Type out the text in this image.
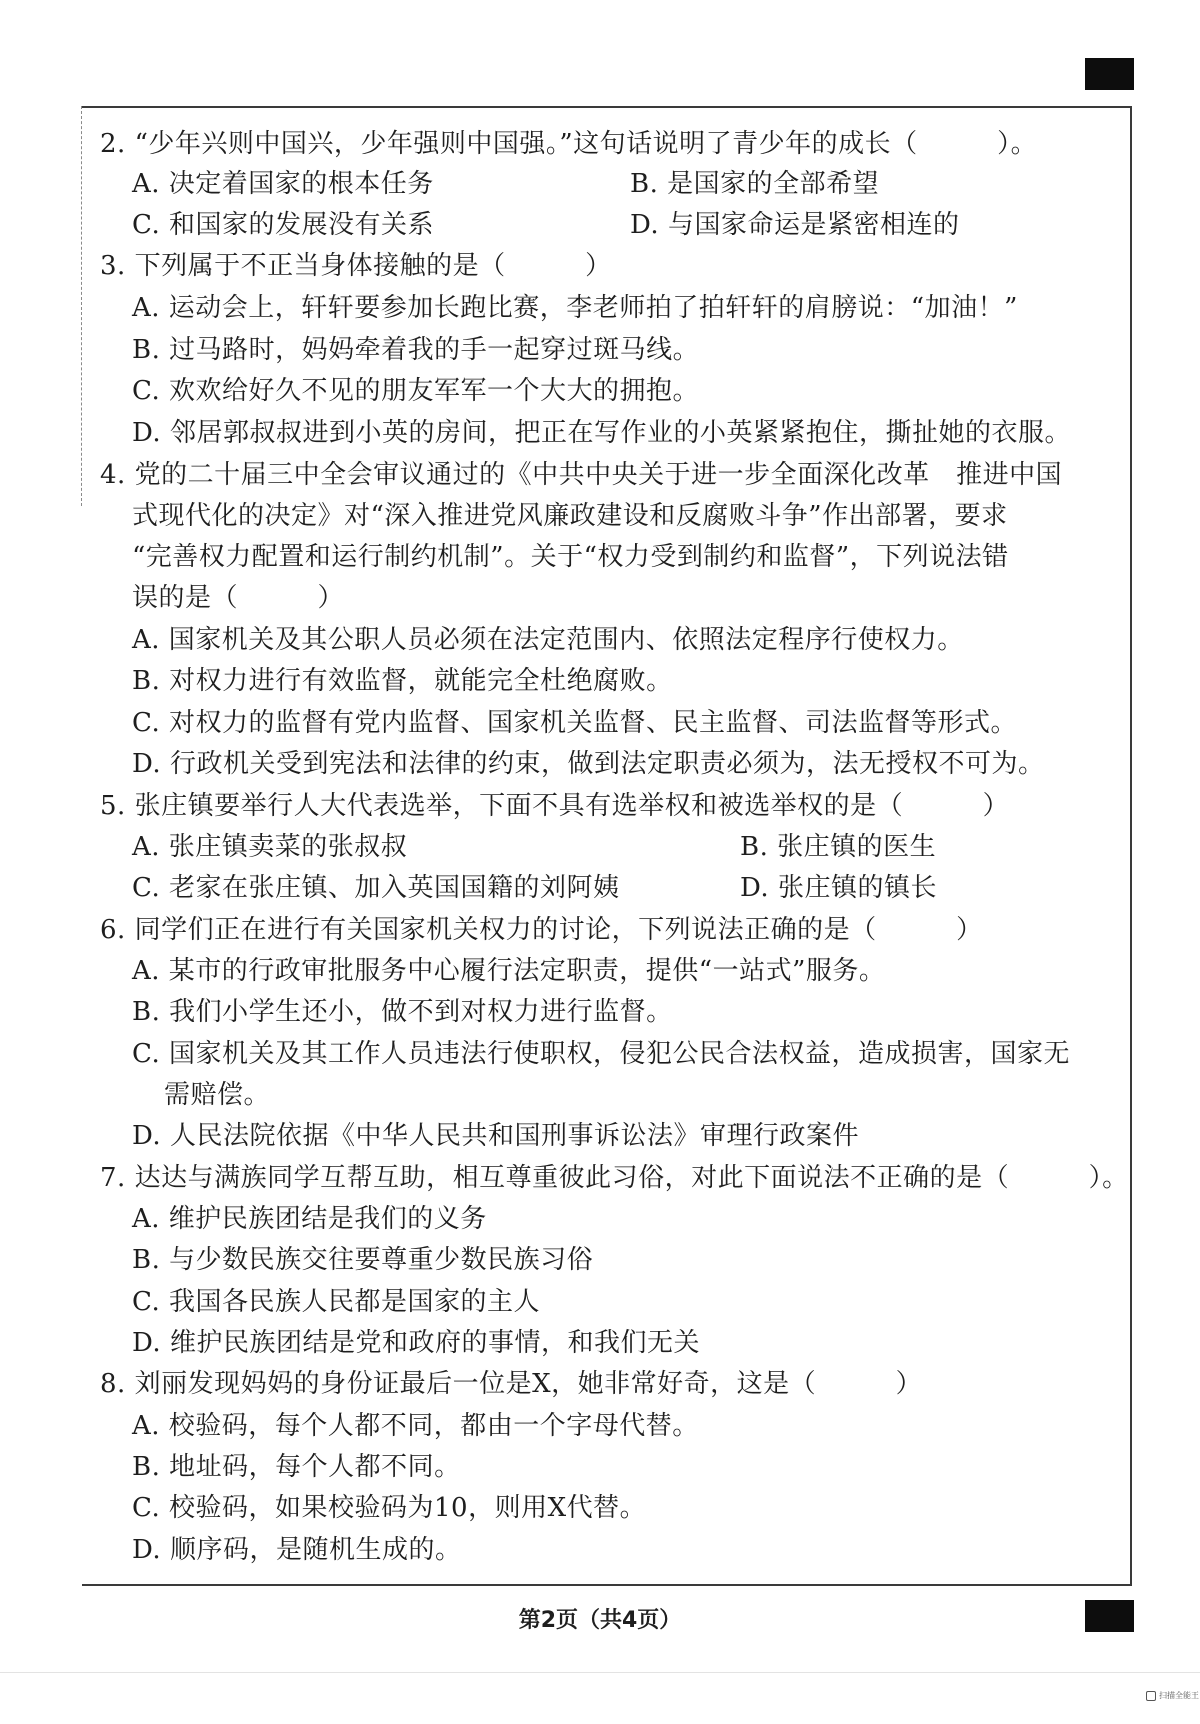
2. “少年兴则中国兴，少年强则中国强。”这句话说明了青少年的成长（　　　）。
A. 决定着国家的根本任务	B. 是国家的全部希望
C. 和国家的发展没有关系	D. 与国家命运是紧密相连的
3. 下列属于不正当身体接触的是（　　　）
A. 运动会上，轩轩要参加长跑比赛，李老师拍了拍轩轩的肩膀说：“加油！”
B. 过马路时，妈妈牵着我的手一起穿过斑马线。
C. 欢欢给好久不见的朋友军军一个大大的拥抱。
D. 邻居郭叔叔进到小英的房间，把正在写作业的小英紧紧抱住，撕扯她的衣服。
4. 党的二十届三中全会审议通过的《中共中央关于进一步全面深化改革　推进中国
式现代化的决定》对“深入推进党风廉政建设和反腐败斗争”作出部署，要求
“完善权力配置和运行制约机制”。关于“权力受到制约和监督”，下列说法错
误的是（　　　）
A. 国家机关及其公职人员必须在法定范围内、依照法定程序行使权力。
B. 对权力进行有效监督，就能完全杜绝腐败。
C. 对权力的监督有党内监督、国家机关监督、民主监督、司法监督等形式。
D. 行政机关受到宪法和法律的约束，做到法定职责必须为，法无授权不可为。
5. 张庄镇要举行人大代表选举，下面不具有选举权和被选举权的是（　　　）
A. 张庄镇卖菜的张叔叔	B. 张庄镇的医生
C. 老家在张庄镇、加入英国国籍的刘阿姨	D. 张庄镇的镇长
6. 同学们正在进行有关国家机关权力的讨论，下列说法正确的是（　　　）
A. 某市的行政审批服务中心履行法定职责，提供“一站式”服务。
B. 我们小学生还小，做不到对权力进行监督。
C. 国家机关及其工作人员违法行使职权，侵犯公民合法权益，造成损害，国家无
需赔偿。
D. 人民法院依据《中华人民共和国刑事诉讼法》审理行政案件
7. 达达与满族同学互帮互助，相互尊重彼此习俗，对此下面说法不正确的是（　　　）。
A. 维护民族团结是我们的义务
B. 与少数民族交往要尊重少数民族习俗
C. 我国各民族人民都是国家的主人
D. 维护民族团结是党和政府的事情，和我们无关
8. 刘丽发现妈妈的身份证最后一位是X，她非常好奇，这是（　　　）
A. 校验码，每个人都不同，都由一个字母代替。
B. 地址码，每个人都不同。
C. 校验码，如果校验码为10，则用X代替。
D. 顺序码，是随机生成的。
第2页（共4页）
扫描全能王
